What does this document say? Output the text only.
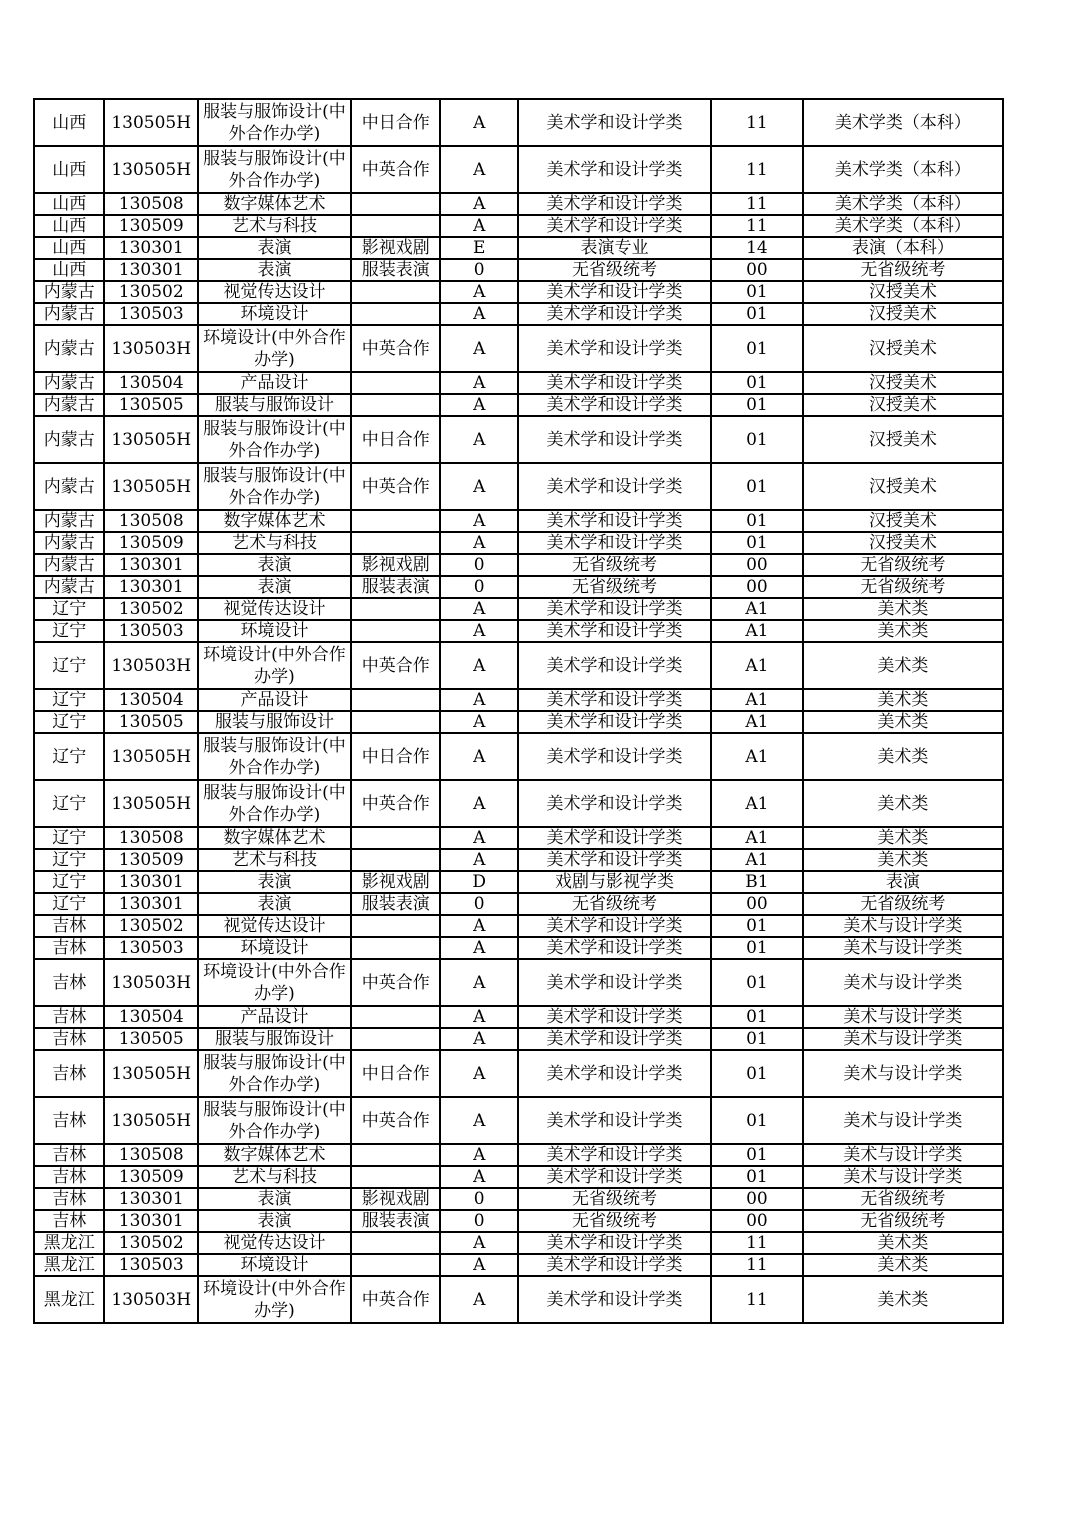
山西	130505H	服装与服饰设计(中外合作办学)	中日合作	A	美术学和设计学类	11	美术学类（本科）
山西	130505H	服装与服饰设计(中外合作办学)	中英合作	A	美术学和设计学类	11	美术学类（本科）
山西	130508	数字媒体艺术		A	美术学和设计学类	11	美术学类（本科）
山西	130509	艺术与科技		A	美术学和设计学类	11	美术学类（本科）
山西	130301	表演	影视戏剧	E	表演专业	14	表演（本科）
山西	130301	表演	服装表演	0	无省级统考	00	无省级统考
内蒙古	130502	视觉传达设计		A	美术学和设计学类	01	汉授美术
内蒙古	130503	环境设计		A	美术学和设计学类	01	汉授美术
内蒙古	130503H	环境设计(中外合作办学)	中英合作	A	美术学和设计学类	01	汉授美术
内蒙古	130504	产品设计		A	美术学和设计学类	01	汉授美术
内蒙古	130505	服装与服饰设计		A	美术学和设计学类	01	汉授美术
内蒙古	130505H	服装与服饰设计(中外合作办学)	中日合作	A	美术学和设计学类	01	汉授美术
内蒙古	130505H	服装与服饰设计(中外合作办学)	中英合作	A	美术学和设计学类	01	汉授美术
内蒙古	130508	数字媒体艺术		A	美术学和设计学类	01	汉授美术
内蒙古	130509	艺术与科技		A	美术学和设计学类	01	汉授美术
内蒙古	130301	表演	影视戏剧	0	无省级统考	00	无省级统考
内蒙古	130301	表演	服装表演	0	无省级统考	00	无省级统考
辽宁	130502	视觉传达设计		A	美术学和设计学类	A1	美术类
辽宁	130503	环境设计		A	美术学和设计学类	A1	美术类
辽宁	130503H	环境设计(中外合作办学)	中英合作	A	美术学和设计学类	A1	美术类
辽宁	130504	产品设计		A	美术学和设计学类	A1	美术类
辽宁	130505	服装与服饰设计		A	美术学和设计学类	A1	美术类
辽宁	130505H	服装与服饰设计(中外合作办学)	中日合作	A	美术学和设计学类	A1	美术类
辽宁	130505H	服装与服饰设计(中外合作办学)	中英合作	A	美术学和设计学类	A1	美术类
辽宁	130508	数字媒体艺术		A	美术学和设计学类	A1	美术类
辽宁	130509	艺术与科技		A	美术学和设计学类	A1	美术类
辽宁	130301	表演	影视戏剧	D	戏剧与影视学类	B1	表演
辽宁	130301	表演	服装表演	0	无省级统考	00	无省级统考
吉林	130502	视觉传达设计		A	美术学和设计学类	01	美术与设计学类
吉林	130503	环境设计		A	美术学和设计学类	01	美术与设计学类
吉林	130503H	环境设计(中外合作办学)	中英合作	A	美术学和设计学类	01	美术与设计学类
吉林	130504	产品设计		A	美术学和设计学类	01	美术与设计学类
吉林	130505	服装与服饰设计		A	美术学和设计学类	01	美术与设计学类
吉林	130505H	服装与服饰设计(中外合作办学)	中日合作	A	美术学和设计学类	01	美术与设计学类
吉林	130505H	服装与服饰设计(中外合作办学)	中英合作	A	美术学和设计学类	01	美术与设计学类
吉林	130508	数字媒体艺术		A	美术学和设计学类	01	美术与设计学类
吉林	130509	艺术与科技		A	美术学和设计学类	01	美术与设计学类
吉林	130301	表演	影视戏剧	0	无省级统考	00	无省级统考
吉林	130301	表演	服装表演	0	无省级统考	00	无省级统考
黑龙江	130502	视觉传达设计		A	美术学和设计学类	11	美术类
黑龙江	130503	环境设计		A	美术学和设计学类	11	美术类
黑龙江	130503H	环境设计(中外合作办学)	中英合作	A	美术学和设计学类	11	美术类
